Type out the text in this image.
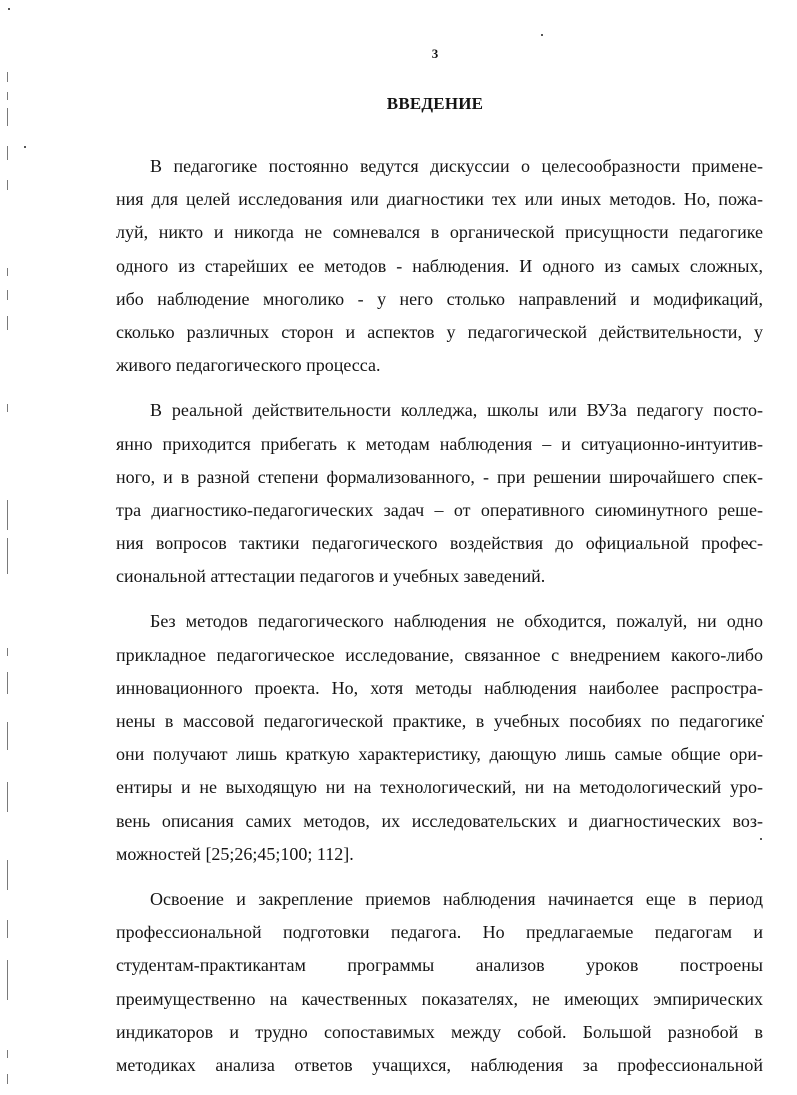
3
ВВЕДЕНИЕ
В педагогике постоянно ведутся дискуссии о целесообразности применe-
ния для целей исследования или диагностики тех или иных методов. Но, пожа-
луй, никто и никогда не сомневался в органической присущности педагогике
одного из старейших ее методов - наблюдения. И одного из самых сложных,
ибо наблюдение многолико - у него столько направлений и модификаций,
сколько различных сторон и аспектов у педагогической действительности, у
живого педагогического процесса.
В реальной действительности колледжа, школы или ВУЗа педагогу посто-
янно приходится прибегать к методам наблюдения – и ситуационно-интуитив-
ного, и в разной степени формализованного, - при решении широчайшего спек-
тра диагностико-педагогических задач – от оперативного сиюминутного реше-
ния вопросов тактики педагогического воздействия до официальной профес-
сиональной аттестации педагогов и учебных заведений.
Без методов педагогического наблюдения не обходится, пожалуй, ни одно
прикладное педагогическое исследование, связанное с внедрением какого-либо
инновационного проекта. Но, хотя методы наблюдения наиболее распростра-
нены в массовой педагогической практике, в учебных пособиях по педагогике
они получают лишь краткую характеристику, дающую лишь самые общие ори-
ентиры и не выходящую ни на технологический, ни на методологический уро-
вень описания самих методов, их исследовательских и диагностических воз-
можностей [25;26;45;100; 112].
Освоение и закрепление приемов наблюдения начинается еще в период
профессиональной подготовки педагога. Но предлагаемые педагогам и
студентам-практикантам программы анализов уроков построены
преимущественно на качественных показателях, не имеющих эмпирических
индикаторов и трудно сопоставимых между собой. Большой разнобой в
методиках анализа ответов учащихся, наблюдения за профессиональной
